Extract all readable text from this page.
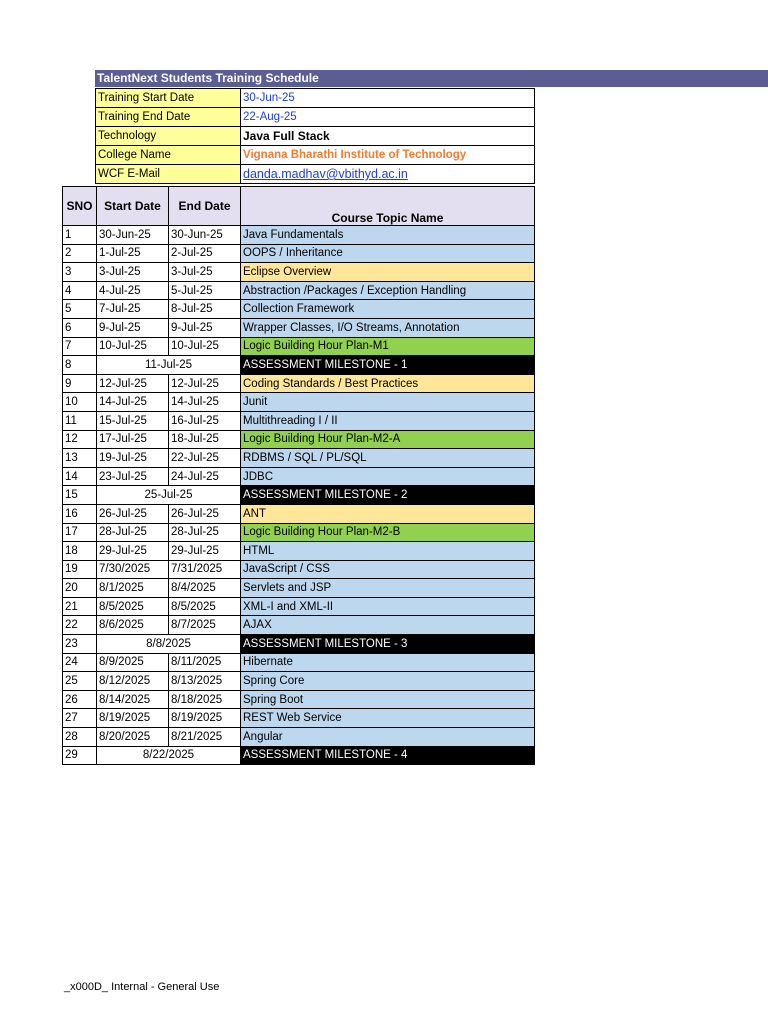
TalentNext Students Training Schedule
Training Start Date	30-Jun-25
Training End Date	22-Aug-25
Technology	Java Full Stack
College Name	Vignana Bharathi Institute of Technology
WCF E-Mail	danda.madhav@vbithyd.ac.in
SNO	Start Date	End Date	Course Topic Name
1	30-Jun-25	30-Jun-25	Java Fundamentals
2	1-Jul-25	2-Jul-25	OOPS / Inheritance
3	3-Jul-25	3-Jul-25	Eclipse Overview
4	4-Jul-25	5-Jul-25	Abstraction /Packages / Exception Handling
5	7-Jul-25	8-Jul-25	Collection Framework
6	9-Jul-25	9-Jul-25	Wrapper Classes, I/O Streams, Annotation
7	10-Jul-25	10-Jul-25	Logic Building Hour Plan-M1
8	11-Jul-25		ASSESSMENT MILESTONE - 1
9	12-Jul-25	12-Jul-25	Coding Standards / Best Practices
10	14-Jul-25	14-Jul-25	Junit
11	15-Jul-25	16-Jul-25	Multithreading I / II
12	17-Jul-25	18-Jul-25	Logic Building Hour Plan-M2-A
13	19-Jul-25	22-Jul-25	RDBMS / SQL / PL/SQL
14	23-Jul-25	24-Jul-25	JDBC
15	25-Jul-25		ASSESSMENT MILESTONE - 2
16	26-Jul-25	26-Jul-25	ANT
17	28-Jul-25	28-Jul-25	Logic Building Hour Plan-M2-B
18	29-Jul-25	29-Jul-25	HTML
19	7/30/2025	7/31/2025	JavaScript / CSS
20	8/1/2025	8/4/2025	Servlets and JSP
21	8/5/2025	8/5/2025	XML-I and XML-II
22	8/6/2025	8/7/2025	AJAX
23	8/8/2025		ASSESSMENT MILESTONE - 3
24	8/9/2025	8/11/2025	Hibernate
25	8/12/2025	8/13/2025	Spring Core
26	8/14/2025	8/18/2025	Spring Boot
27	8/19/2025	8/19/2025	REST Web Service
28	8/20/2025	8/21/2025	Angular
29	8/22/2025		ASSESSMENT MILESTONE - 4
_x000D_ Internal - General Use
